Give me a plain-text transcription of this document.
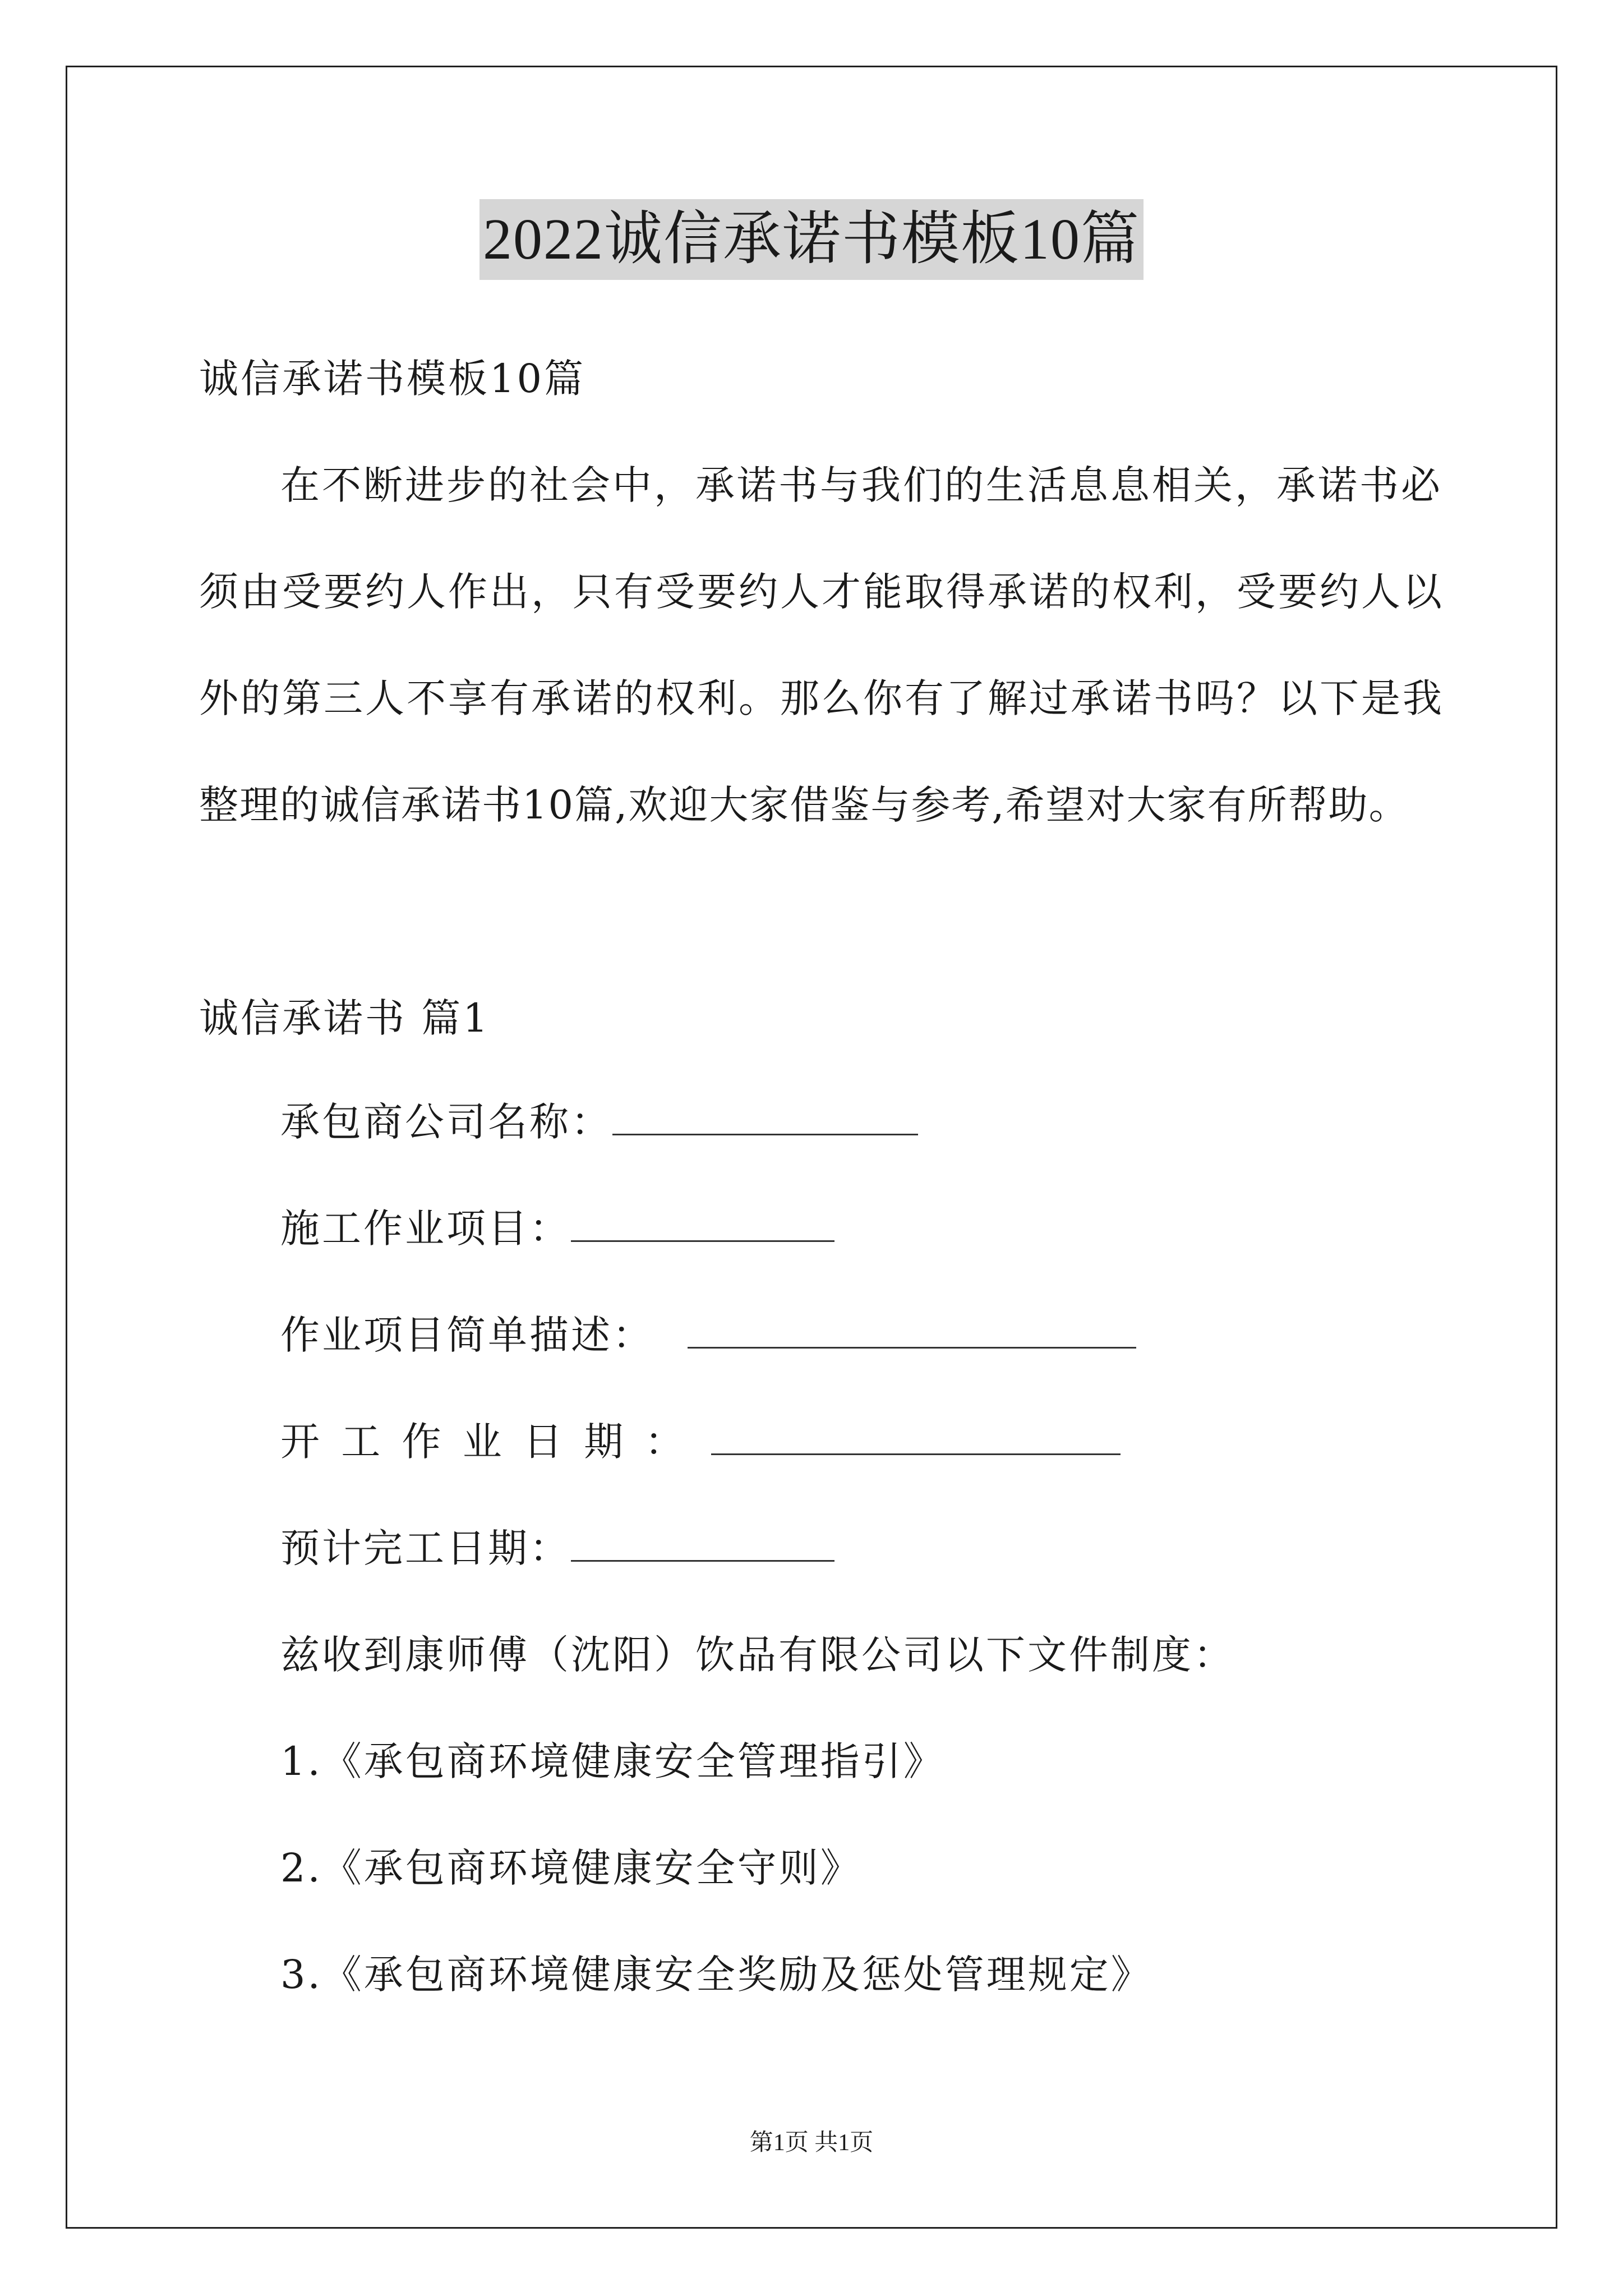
2022诚信承诺书模板10篇
诚信承诺书模板10篇
在不断进步的社会中，承诺书与我们的生活息息相关，承诺书必
须由受要约人作出，只有受要约人才能取得承诺的权利，受要约人以
外的第三人不享有承诺的权利。那么你有了解过承诺书吗？以下是我
整理的诚信承诺书10篇,欢迎大家借鉴与参考,希望对大家有所帮助。
诚信承诺书 篇1
承包商公司名称：
施工作业项目：
作业项目简单描述：
开 工 作 业 日 期 ：
预计完工日期：
兹收到康师傅（沈阳）饮品有限公司以下文件制度：
1.《承包商环境健康安全管理指引》
2.《承包商环境健康安全守则》
3.《承包商环境健康安全奖励及惩处管理规定》
第1页 共1页
